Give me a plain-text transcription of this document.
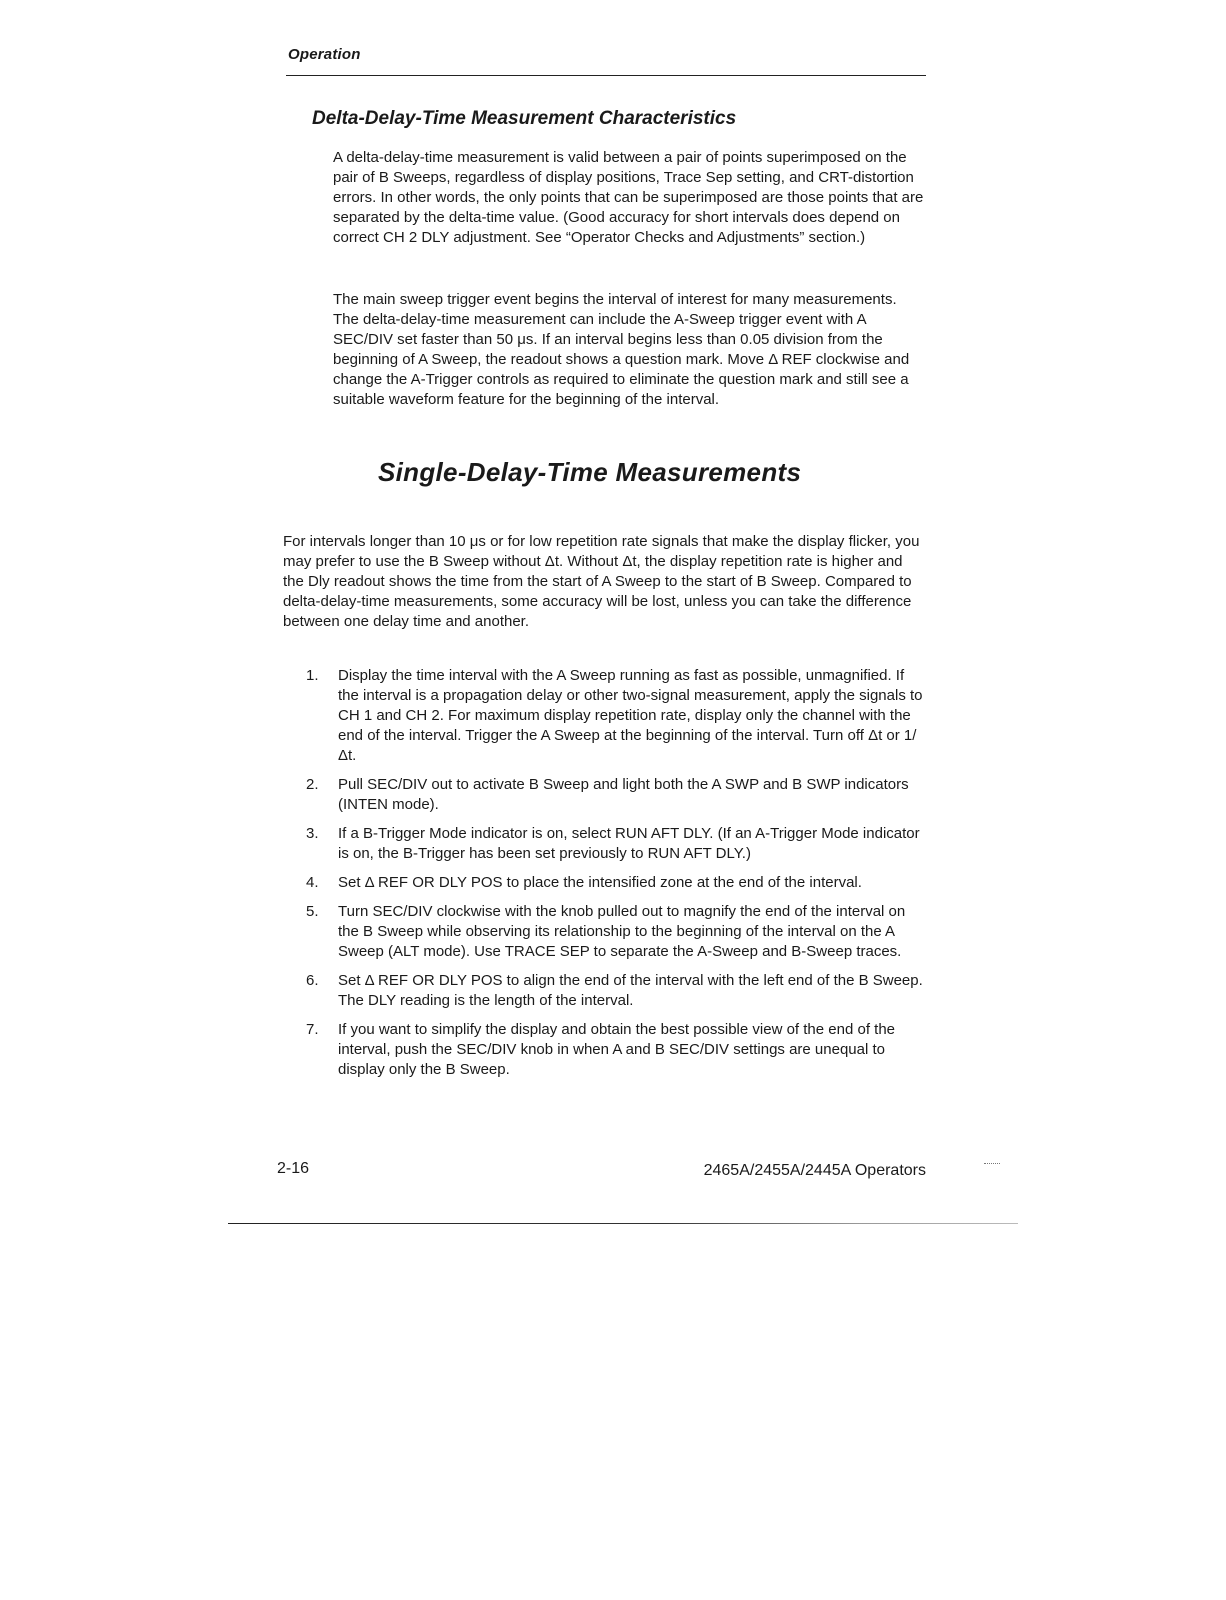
Operation
Delta-Delay-Time Measurement Characteristics

A delta-delay-time measurement is valid between a pair of points superimposed on the pair of B Sweeps, regardless of display positions, Trace Sep setting, and CRT-distortion errors. In other words, the only points that can be superimposed are those points that are separated by the delta-time value. (Good accuracy for short intervals does depend on correct CH 2 DLY adjustment. See “Operator Checks and Adjustments” section.)

The main sweep trigger event begins the interval of interest for many measurements. The delta-delay-time measurement can include the A-Sweep trigger event with A SEC/DIV set faster than 50 μs. If an interval begins less than 0.05 division from the beginning of A Sweep, the readout shows a question mark. Move Δ REF clockwise and change the A-Trigger controls as required to eliminate the question mark and still see a suitable waveform feature for the beginning of the interval.

Single-Delay-Time Measurements

For intervals longer than 10 μs or for low repetition rate signals that make the display flicker, you may prefer to use the B Sweep without Δt. Without Δt, the display repetition rate is higher and the Dly readout shows the time from the start of A Sweep to the start of B Sweep. Compared to delta-delay-time measurements, some accuracy will be lost, unless you can take the difference between one delay time and another.

1. Display the time interval with the A Sweep running as fast as possible, unmagnified. If the interval is a propagation delay or other two-signal measurement, apply the signals to CH 1 and CH 2. For maximum display repetition rate, display only the channel with the end of the interval. Trigger the A Sweep at the beginning of the interval. Turn off Δt or 1/Δt.
2. Pull SEC/DIV out to activate B Sweep and light both the A SWP and B SWP indicators (INTEN mode).
3. If a B-Trigger Mode indicator is on, select RUN AFT DLY. (If an A-Trigger Mode indicator is on, the B-Trigger has been set previously to RUN AFT DLY.)
4. Set Δ REF OR DLY POS to place the intensified zone at the end of the interval.
5. Turn SEC/DIV clockwise with the knob pulled out to magnify the end of the interval on the B Sweep while observing its relationship to the beginning of the interval on the A Sweep (ALT mode). Use TRACE SEP to separate the A-Sweep and B-Sweep traces.
6. Set Δ REF OR DLY POS to align the end of the interval with the left end of the B Sweep. The DLY reading is the length of the interval.
7. If you want to simplify the display and obtain the best possible view of the end of the interval, push the SEC/DIV knob in when A and B SEC/DIV settings are unequal to display only the B Sweep.
2-16	2465A/2455A/2445A Operators
